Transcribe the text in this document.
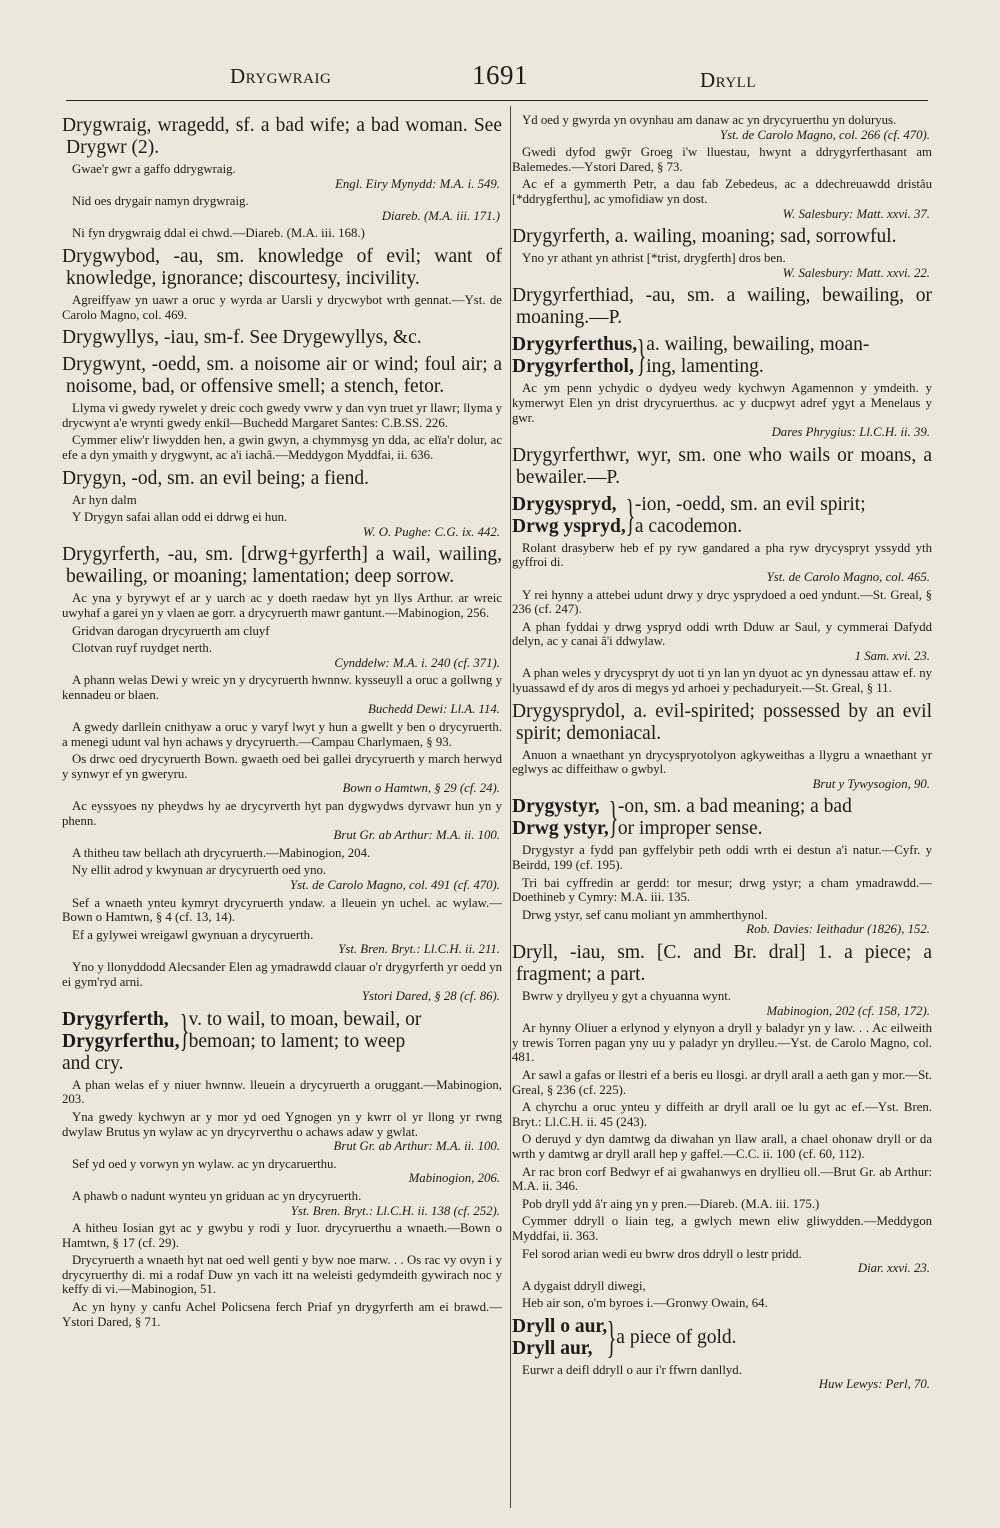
Drygwraig	1691	Dryll
Drygwraig, wragedd, sf. a bad wife; a bad woman. See Drygwr (2).
Gwae'r gwr a gaffo ddrygwraig.
Engl. Eiry Mynydd: M.A. i. 549.
Nid oes drygair namyn drygwraig.
Diareb. (M.A. iii. 171.)
Ni fyn drygwraig ddal ei chwd.—Diareb. (M.A. iii. 168.)
Drygwybod, -au, sm. knowledge of evil; want of knowledge, ignorance; discourtesy, incivility.
Agreiffyaw yn uawr a oruc y wyrda ar Uarsli y drycwybot wrth gennat.—Yst. de Carolo Magno, col. 469.
Drygwyllys, -iau, sm-f. See Drygewyllys, &c.
Drygwynt, -oedd, sm. a noisome air or wind; foul air; a noisome, bad, or offensive smell; a stench, fetor.
Llyma vi gwedy rywelet y dreic coch gwedy vwrw y dan vyn truet yr llawr; llyma y drycwynt a'e wrynti gwedy enkil—Buchedd Margaret Santes: C.B.SS. 226.
Cymmer eliw'r liwydden hen, a gwin gwyn, a chymmysg yn dda, ac elïa'r dolur, ac efe a dyn ymaith y drygwynt, ac a'i iachâ.—Meddygon Myddfai, ii. 636.
Drygyn, -od, sm. an evil being; a fiend.
Ar hyn dalm
Y Drygyn safai allan odd ei ddrwg ei hun.
W. O. Pughe: C.G. ix. 442.
Drygyrferth, -au, sm. [drwg+gyrferth] a wail, wailing, bewailing, or moaning; lamentation; deep sorrow.
Ac yna y byrywyt ef ar y uarch ac y doeth raedaw hyt yn llys Arthur. ar wreic uwyhaf a garei yn y vlaen ae gorr. a drycyruerth mawr gantunt.—Mabinogion, 256.
Gridvan darogan drycyruerth am cluyf
Clotvan ruyf ruydget nerth.
Cynddelw: M.A. i. 240 (cf. 371).
A phann welas Dewi y wreic yn y drycyruerth hwnnw. kysseuyll a oruc a gollwng y kennadeu or blaen.
Buchedd Dewi: Ll.A. 114.
A gwedy darllein cnithyaw a oruc y varyf lwyt y hun a gwellt y ben o drycyruerth. a menegi udunt val hyn achaws y drycyruerth.—Campau Charlymaen, § 93.
Os drwc oed drycyruerth Bown. gwaeth oed bei gallei drycyruerth y march herwyd y synwyr ef yn gweryru.
Bown o Hamtwn, § 29 (cf. 24).
Ac eyssyoes ny pheydws hy ae drycyrverth hyt pan dygwydws dyrvawr hun yn y phenn.
Brut Gr. ab Arthur: M.A. ii. 100.
A thitheu taw bellach ath drycyruerth.—Mabinogion, 204.
Ny ellit adrod y kwynuan ar drycyruerth oed yno.
Yst. de Carolo Magno, col. 491 (cf. 470).
Sef a wnaeth ynteu kymryt drycyruerth yndaw. a lleuein yn uchel. ac wylaw.—Bown o Hamtwn, § 4 (cf. 13, 14).
Ef a gylywei wreigawl gwynuan a drycyruerth.
Yst. Bren. Bryt.: Ll.C.H. ii. 211.
Yno y llonyddodd Alecsander Elen ag ymadrawdd clauar o'r drygyrferth yr oedd yn ei gym'ryd arni.
Ystori Dared, § 28 (cf. 86).
Drygyrferth,
Drygyrferthu, } v. to wail, to moan, bewail, or
bemoan; to lament; to weep
and cry.
A phan welas ef y niuer hwnnw. lleuein a drycyruerth a oruggant.—Mabinogion, 203.
Yna gwedy kychwyn ar y mor yd oed Ygnogen yn y kwrr ol yr llong yr rwng dwylaw Brutus yn wylaw ac yn drycyrverthu o achaws adaw y gwlat.
Brut Gr. ab Arthur: M.A. ii. 100.
Sef yd oed y vorwyn yn wylaw. ac yn drycaruerthu.
Mabinogion, 206.
A phawb o nadunt wynteu yn griduan ac yn drycyruerth.
Yst. Bren. Bryt.: Ll.C.H. ii. 138 (cf. 252).
A hitheu Iosian gyt ac y gwybu y rodi y Iuor. drycyruerthu a wnaeth.—Bown o Hamtwn, § 17 (cf. 29).
Drycyruerth a wnaeth hyt nat oed well genti y byw noe marw. . . Os rac vy ovyn i y drycyruerthy di. mi a rodaf Duw yn vach itt na weleisti gedymdeith gywirach noc y keffy di vi.—Mabinogion, 51.
Ac yn hyny y canfu Achel Policsena ferch Priaf yn drygyrferth am ei brawd.—Ystori Dared, § 71.
Yd oed y gwyrda yn ovynhau am danaw ac yn drycyruerthu yn doluryus.
Yst. de Carolo Magno, col. 266 (cf. 470).
Gwedi dyfod gwŷr Groeg i'w lluestau, hwynt a ddrygyrferthasant am Balemedes.—Ystori Dared, § 73.
Ac ef a gymmerth Petr, a dau fab Zebedeus, ac a ddechreuawdd dristâu [*ddrygferthu], ac ymofidiaw yn dost.
W. Salesbury: Matt. xxvi. 37.
Drygyrferth, a. wailing, moaning; sad, sorrowful.
Yno yr athant yn athrist [*trist, drygferth] dros ben.
W. Salesbury: Matt. xxvi. 22.
Drygyrferthiad, -au, sm. a wailing, bewailing, or moaning.—P.
Drygyrferthus,
Drygyrferthol, } a. wailing, bewailing, moan-
ing, lamenting.
Ac ym penn ychydic o dydyeu wedy kychwyn Agamennon y ymdeith. y kymerwyt Elen yn drist drycyruerthus. ac y ducpwyt adref ygyt a Menelaus y gwr.
Dares Phrygius: Ll.C.H. ii. 39.
Drygyrferthwr, wyr, sm. one who wails or moans, a bewailer.—P.
Drygyspryd,
Drwg yspryd, } -ion, -oedd, sm. an evil spirit;
a cacodemon.
Rolant drasyberw heb ef py ryw gandared a pha ryw drycyspryt yssydd yth gyffroi di.
Yst. de Carolo Magno, col. 465.
Y rei hynny a attebei udunt drwy y dryc ysprydoed a oed yndunt.—St. Greal, § 236 (cf. 247).
A phan fyddai y drwg yspryd oddi wrth Dduw ar Saul, y cymmerai Dafydd delyn, ac y canai â'i ddwylaw.
1 Sam. xvi. 23.
A phan weles y drycyspryt dy uot ti yn lan yn dyuot ac yn dynessau attaw ef. ny lyuassawd ef dy aros di megys yd arhoei y pechaduryeit.—St. Greal, § 11.
Drygysprydol, a. evil-spirited; possessed by an evil spirit; demoniacal.
Anuon a wnaethant yn drycyspryotolyon agkyweithas a llygru a wnaethant yr eglwys ac diffeithaw o gwbyl.
Brut y Tywysogion, 90.
Drygystyr,
Drwg ystyr, } -on, sm. a bad meaning; a bad
or improper sense.
Drygystyr a fydd pan gyffelybir peth oddi wrth ei destun a'i natur.—Cyfr. y Beirdd, 199 (cf. 195).
Tri bai cyffredin ar gerdd: tor mesur; drwg ystyr; a cham ymadrawdd.—Doethineb y Cymry: M.A. iii. 135.
Drwg ystyr, sef canu moliant yn ammherthynol.
Rob. Davies: Ieithadur (1826), 152.
Dryll, -iau, sm. [C. and Br. dral] 1. a piece; a fragment; a part.
Bwrw y dryllyeu y gyt a chyuanna wynt.
Mabinogion, 202 (cf. 158, 172).
Ar hynny Oliuer a erlynod y elynyon a dryll y baladyr yn y law. . . Ac eilweith y trewis Torren pagan yny uu y paladyr yn drylleu.—Yst. de Carolo Magno, col. 481.
Ar sawl a gafas or llestri ef a beris eu llosgi. ar dryll arall a aeth gan y mor.—St. Greal, § 236 (cf. 225).
A chyrchu a oruc ynteu y diffeith ar dryll arall oe lu gyt ac ef.—Yst. Bren. Bryt.: Ll.C.H. ii. 45 (243).
O deruyd y dyn damtwg da diwahan yn llaw arall, a chael ohonaw dryll or da wrth y damtwg ar dryll arall hep y gaffel.—C.C. ii. 100 (cf. 60, 112).
Ar rac bron corf Bedwyr ef ai gwahanwys en dryllieu oll.—Brut Gr. ab Arthur: M.A. ii. 346.
Pob dryll ydd â'r aing yn y pren.—Diareb. (M.A. iii. 175.)
Cymmer ddryll o liain teg, a gwlych mewn eliw gliwydden.—Meddygon Myddfai, ii. 363.
Fel sorod arian wedi eu bwrw dros ddryll o lestr pridd.
Diar. xxvi. 23.
A dygaist ddryll diwegi,
Heb air son, o'm byroes i.—Gronwy Owain, 64.
Dryll o aur,
Dryll aur, } a piece of gold.
Eurwr a deifl ddryll o aur i'r ffwrn danllyd.
Huw Lewys: Perl, 70.
